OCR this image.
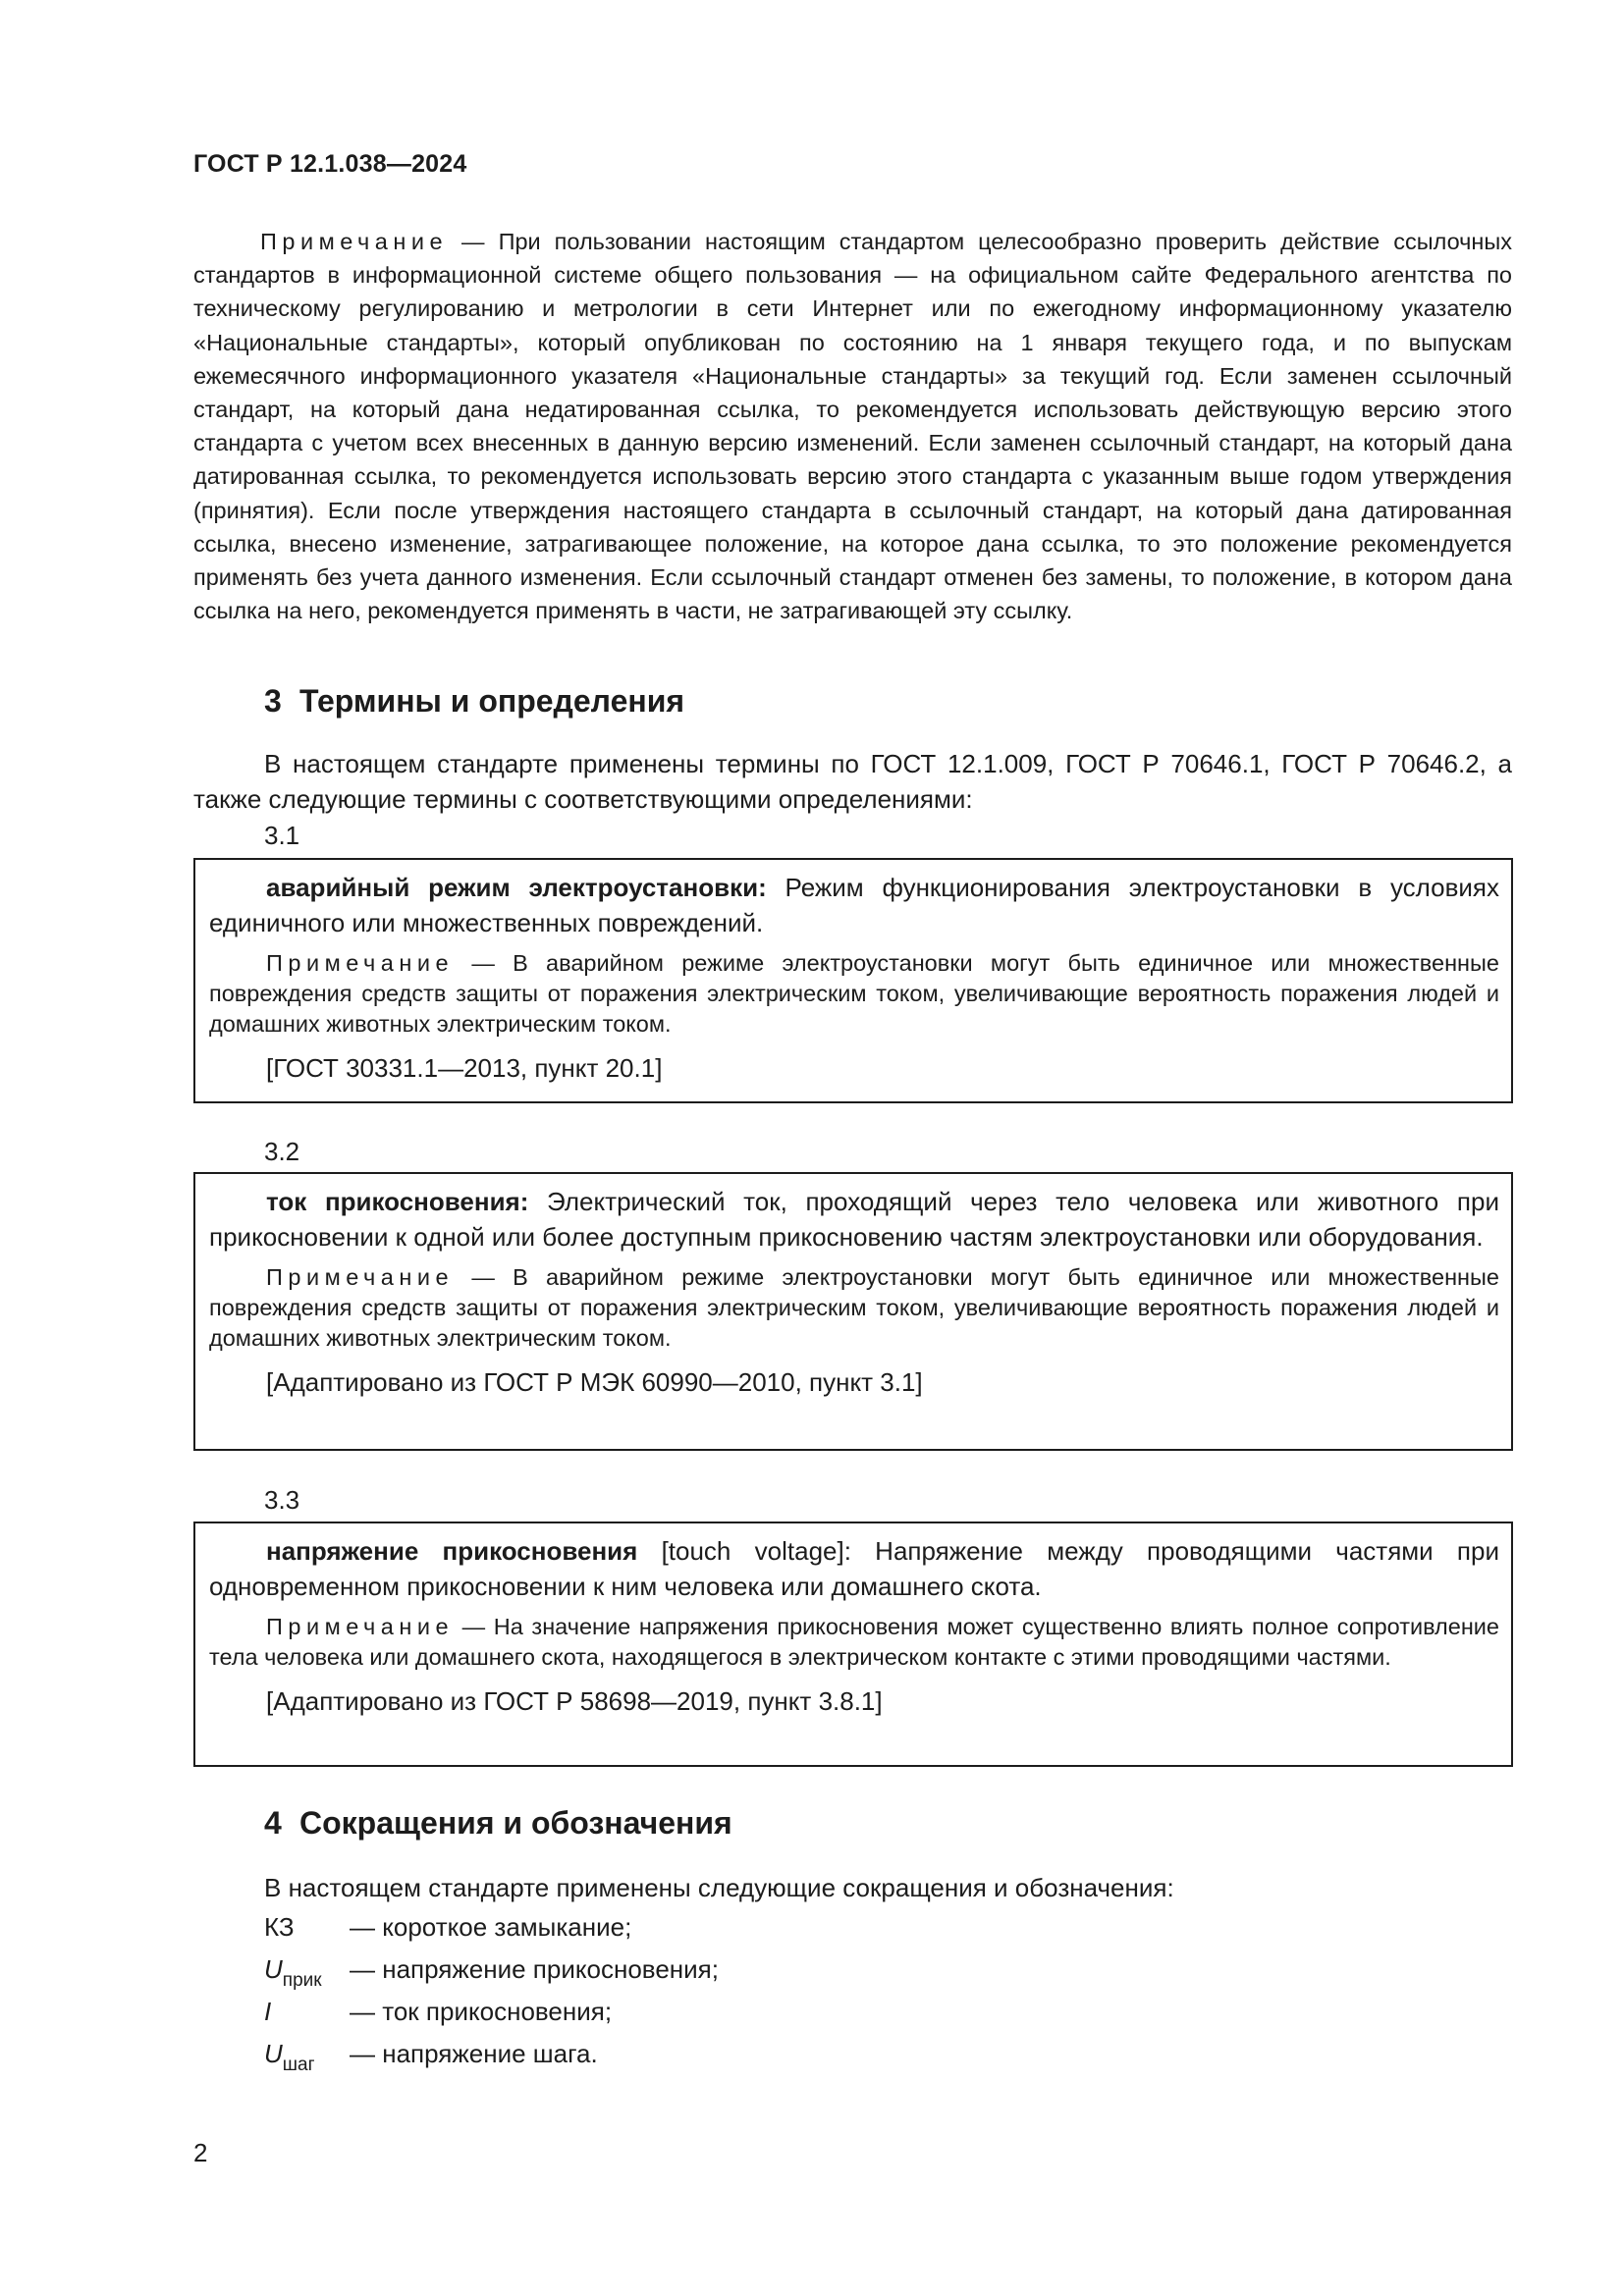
ГОСТ Р 12.1.038—2024
Примечание — При пользовании настоящим стандартом целесообразно проверить действие ссылочных стандартов в информационной системе общего пользования — на официальном сайте Федерального агентства по техническому регулированию и метрологии в сети Интернет или по ежегодному информационному указателю «Национальные стандарты», который опубликован по состоянию на 1 января текущего года, и по выпускам ежемесячного информационного указателя «Национальные стандарты» за текущий год. Если заменен ссылочный стандарт, на который дана недатированная ссылка, то рекомендуется использовать действующую версию этого стандарта с учетом всех внесенных в данную версию изменений. Если заменен ссылочный стандарт, на который дана датированная ссылка, то рекомендуется использовать версию этого стандарта с указанным выше годом утверждения (принятия). Если после утверждения настоящего стандарта в ссылочный стандарт, на который дана датированная ссылка, внесено изменение, затрагивающее положение, на которое дана ссылка, то это положение рекомендуется применять без учета данного изменения. Если ссылочный стандарт отменен без замены, то положение, в котором дана ссылка на него, рекомендуется применять в части, не затрагивающей эту ссылку.
3 Термины и определения
В настоящем стандарте применены термины по ГОСТ 12.1.009, ГОСТ Р 70646.1, ГОСТ Р 70646.2, а также следующие термины с соответствующими определениями:
3.1
аварийный режим электроустановки: Режим функционирования электроустановки в условиях единичного или множественных повреждений.
Примечание — В аварийном режиме электроустановки могут быть единичное или множественные повреждения средств защиты от поражения электрическим током, увеличивающие вероятность поражения людей и домашних животных электрическим током.
[ГОСТ 30331.1—2013, пункт 20.1]
3.2
ток прикосновения: Электрический ток, проходящий через тело человека или животного при прикосновении к одной или более доступным прикосновению частям электроустановки или оборудования.
Примечание — В аварийном режиме электроустановки могут быть единичное или множественные повреждения средств защиты от поражения электрическим током, увеличивающие вероятность поражения людей и домашних животных электрическим током.
[Адаптировано из ГОСТ Р МЭК 60990—2010, пункт 3.1]
3.3
напряжение прикосновения [touch voltage]: Напряжение между проводящими частями при одновременном прикосновении к ним человека или домашнего скота.
Примечание — На значение напряжения прикосновения может существенно влиять полное сопротивление тела человека или домашнего скота, находящегося в электрическом контакте с этими проводящими частями.
[Адаптировано из ГОСТ Р 58698—2019, пункт 3.8.1]
4 Сокращения и обозначения
В настоящем стандарте применены следующие сокращения и обозначения:
КЗ — короткое замыкание;
$U_{прик}$ — напряжение прикосновения;
I	— ток прикосновения;
$U_{шаг}$ — напряжение шага.
2
